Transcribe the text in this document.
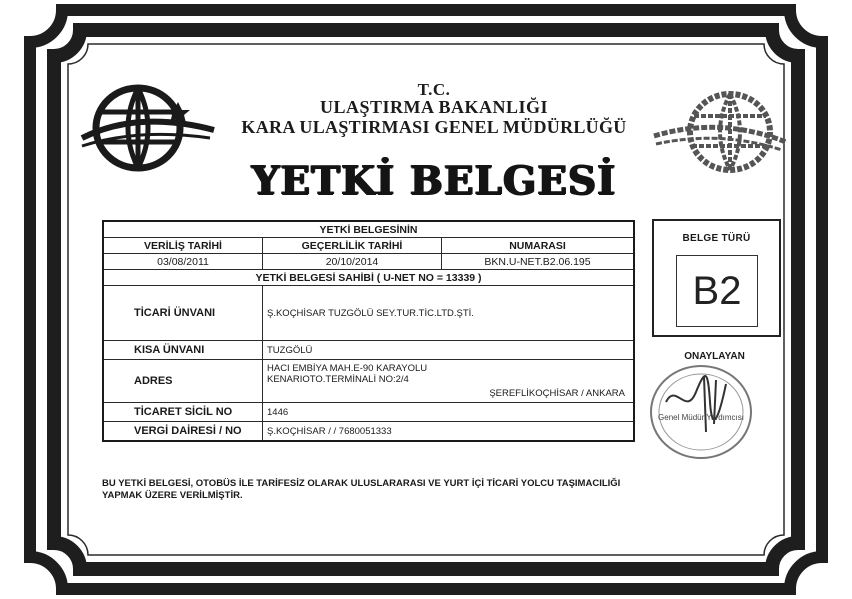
T.C.
ULAŞTIRMA BAKANLIĞI
KARA ULAŞTIRMASI GENEL MÜDÜRLÜĞÜ
YETKİ BELGESİ
YETKİ BELGESİNİN		
VERİLİŞ TARİHİ	GEÇERLİLİK TARİHİ	NUMARASI
03/08/2011	20/10/2014	BKN.U-NET.B2.06.195
YETKİ BELGESİ SAHİBİ ( U-NET NO = 13339 )		
TİCARİ ÜNVANI	Ş.KOÇHİSAR TUZGÖLÜ SEY.TUR.TİC.LTD.ŞTİ.	
KISA ÜNVANI	TUZGÖLÜ	
ADRES	HACI EMBİYA MAH.E-90 KARAYOLU
KENARIOTO.TERMİNALİ NO:2/4
ŞEREFLİKOÇHİSAR / ANKARA	

TİCARET SİCİL NO	1446	
VERGİ DAİRESİ / NO	Ş.KOÇHİSAR / / 7680051333	
BELGE TÜRÜ
B2
ONAYLAYAN
Genel Müdür Yardımcısı
BU YETKİ BELGESİ, OTOBÜS İLE TARİFESİZ OLARAK ULUSLARARASI VE YURT İÇİ TİCARİ YOLCU TAŞIMACILIĞI YAPMAK ÜZERE VERİLMİŞTİR.
